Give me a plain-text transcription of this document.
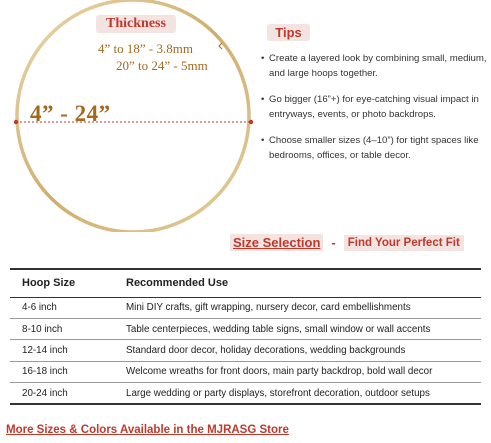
Thickness
4” to 18” - 3.8mm
20” to 24” - 5mm
4” - 24”
Tips
• Create a layered look by combining small, medium, and large hoops together.
• Go bigger (16”+) for eye-catching visual impact in entryways, events, or photo backdrops.
• Choose smaller sizes (4–10”) for tight spaces like bedrooms, offices, or table decor.
Size Selection -	Find Your Perfect Fit
Hoop Size	Recommended Use
4-6 inch	Mini DIY crafts, gift wrapping, nursery decor, card embellishments
8-10 inch	Table centerpieces, wedding table signs, small window or wall accents
12-14 inch	Standard door decor, holiday decorations, wedding backgrounds
16-18 inch	Welcome wreaths for front doors, main party backdrop, bold wall decor
20-24 inch	Large wedding or party displays, storefront decoration, outdoor setups
More Sizes & Colors Available in the MJRASG Store
